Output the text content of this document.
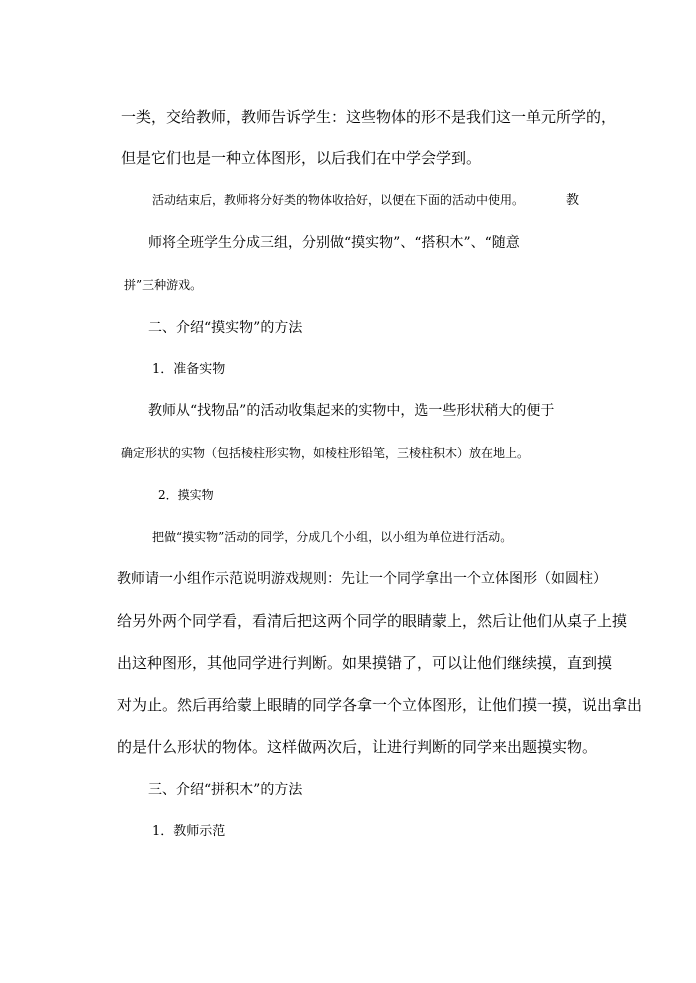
一类，交给教师，教师告诉学生：这些物体的形不是我们这一单元所学的，
但是它们也是一种立体图形，以后我们在中学会学到。
活动结束后，教师将分好类的物体收拾好，以便在下面的活动中使用。	教
师将全班学生分成三组，分别做“摸实物”、“搭积木”、“随意
拼”三种游戏。
二、介绍“摸实物”的方法
1．准备实物
教师从“找物品”的活动收集起来的实物中，选一些形状稍大的便于
确定形状的实物（包括棱柱形实物，如棱柱形铅笔，三棱柱积木）放在地上。
2．摸实物
把做“摸实物”活动的同学，分成几个小组，以小组为单位进行活动。
教师请一小组作示范说明游戏规则：先让一个同学拿出一个立体图形（如圆柱）
给另外两个同学看，看清后把这两个同学的眼睛蒙上，然后让他们从桌子上摸
出这种图形，其他同学进行判断。如果摸错了，可以让他们继续摸，直到摸
对为止。然后再给蒙上眼睛的同学各拿一个立体图形，让他们摸一摸，说出拿出
的是什么形状的物体。这样做两次后，让进行判断的同学来出题摸实物。
三、介绍“拼积木”的方法
1．教师示范
